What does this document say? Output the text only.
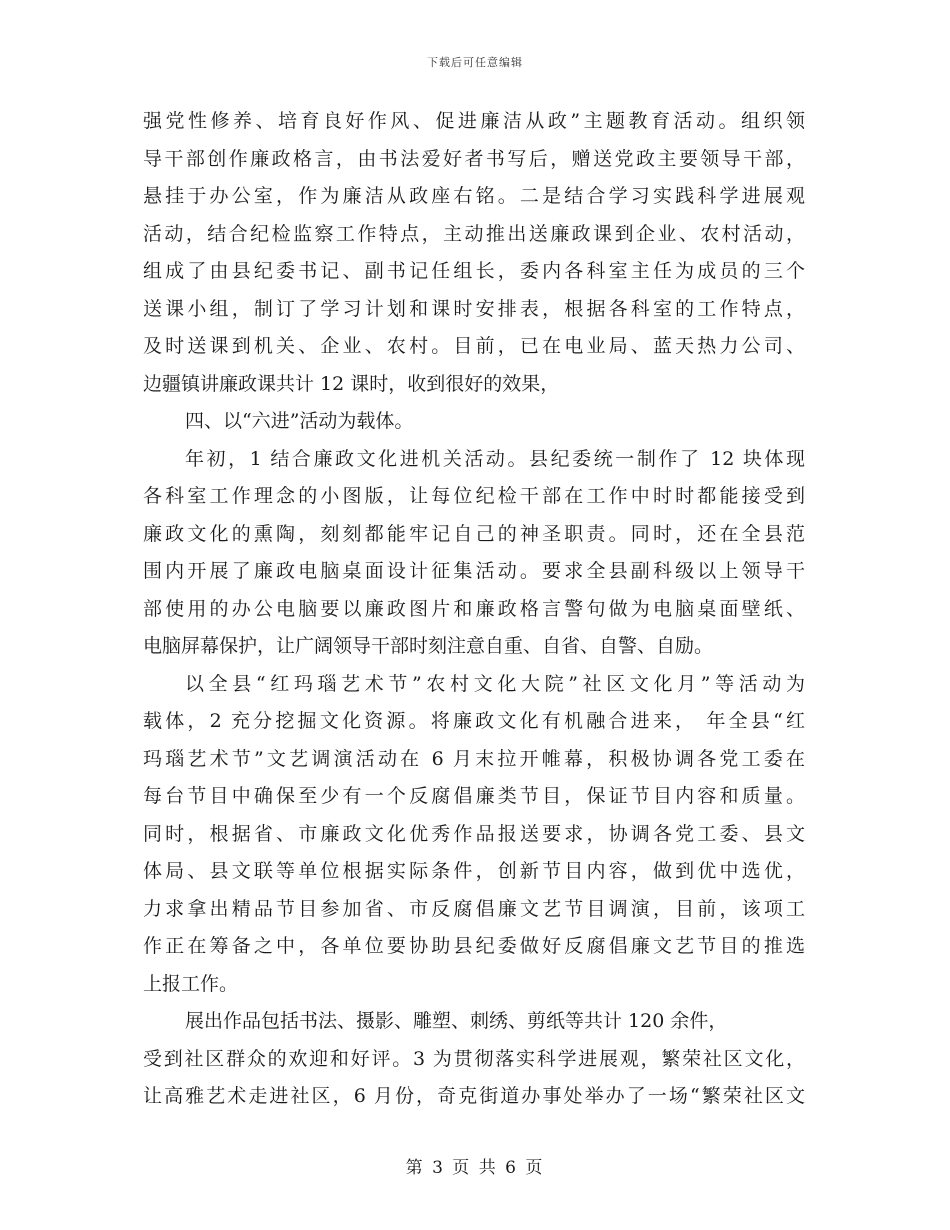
下载后可任意编辑
强党性修养、培育良好作风、促进廉洁从政”主题教育活动。组织领
导干部创作廉政格言，由书法爱好者书写后，赠送党政主要领导干部，
悬挂于办公室，作为廉洁从政座右铭。二是结合学习实践科学进展观
活动，结合纪检监察工作特点，主动推出送廉政课到企业、农村活动，
组成了由县纪委书记、副书记任组长，委内各科室主任为成员的三个
送课小组，制订了学习计划和课时安排表，根据各科室的工作特点，
及时送课到机关、企业、农村。目前，已在电业局、蓝天热力公司、
边疆镇讲廉政课共计 12 课时，收到很好的效果，
四、以“六进”活动为载体。
年初，1 结合廉政文化进机关活动。县纪委统一制作了 12 块体现
各科室工作理念的小图版，让每位纪检干部在工作中时时都能接受到
廉政文化的熏陶，刻刻都能牢记自己的神圣职责。同时，还在全县范
围内开展了廉政电脑桌面设计征集活动。要求全县副科级以上领导干
部使用的办公电脑要以廉政图片和廉政格言警句做为电脑桌面壁纸、
电脑屏幕保护，让广阔领导干部时刻注意自重、自省、自警、自励。
以全县“红玛瑙艺术节”农村文化大院”社区文化月”等活动为
载体，2 充分挖掘文化资源。将廉政文化有机融合进来， 年全县“红
玛瑙艺术节”文艺调演活动在 6 月末拉开帷幕，积极协调各党工委在
每台节目中确保至少有一个反腐倡廉类节目，保证节目内容和质量。
同时，根据省、市廉政文化优秀作品报送要求，协调各党工委、县文
体局、县文联等单位根据实际条件，创新节目内容，做到优中选优，
力求拿出精品节目参加省、市反腐倡廉文艺节目调演，目前，该项工
作正在筹备之中，各单位要协助县纪委做好反腐倡廉文艺节目的推选
上报工作。
展出作品包括书法、摄影、雕塑、刺绣、剪纸等共计 120 余件，
受到社区群众的欢迎和好评。3 为贯彻落实科学进展观，繁荣社区文化，
让高雅艺术走进社区，6 月份，奇克街道办事处举办了一场“繁荣社区文
第 3 页 共 6 页
